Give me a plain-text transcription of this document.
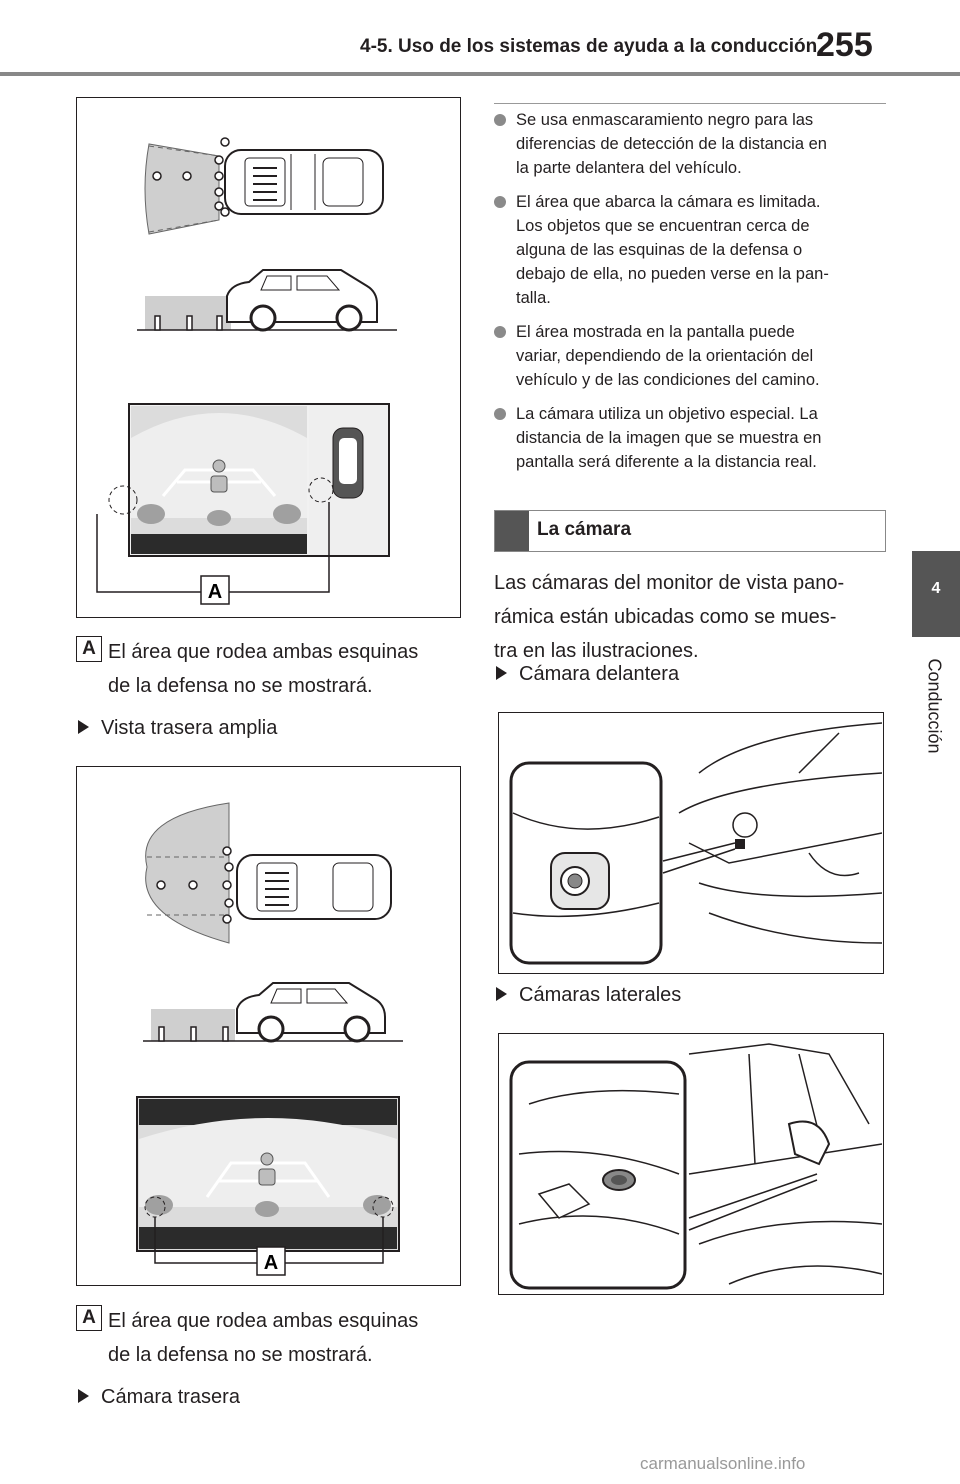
4-5. Uso de los sistemas de ayuda a la conducción
255
4
Conducción
A
A El área que rodea ambas esquinas
de la defensa no se mostrará.
Vista trasera amplia
A
A El área que rodea ambas esquinas
de la defensa no se mostrará.
Cámara trasera
Se usa enmascaramiento negro para las
diferencias de detección de la distancia en
la parte delantera del vehículo.
El área que abarca la cámara es limitada.
Los objetos que se encuentran cerca de
alguna de las esquinas de la defensa o
debajo de ella, no pueden verse en la pan-
talla.
El área mostrada en la pantalla puede
variar, dependiendo de la orientación del
vehículo y de las condiciones del camino.
La cámara utiliza un objetivo especial. La
distancia de la imagen que se muestra en
pantalla será diferente a la distancia real.
La cámara
Las cámaras del monitor de vista pano-
rámica están ubicadas como se mues-
tra en las ilustraciones.
Cámara delantera
Cámaras laterales
carmanualsonline.info
